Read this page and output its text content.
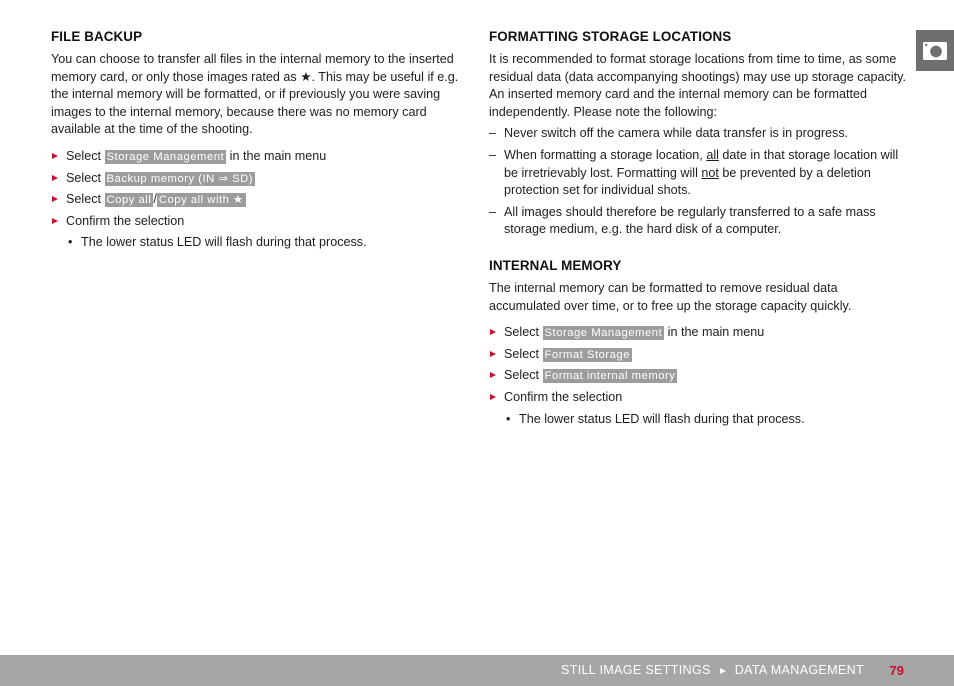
FILE BACKUP

You can choose to transfer all files in the internal memory to the inserted memory card, or only those images rated as ★. This may be useful if e.g. the internal memory will be formatted, or if previously you were saving images to the internal memory, because there was no memory card available at the time of the shooting.

Select Storage Management in the main menu
Select Backup memory (IN ⇒ SD)
Select Copy all / Copy all with ★
Confirm the selection
• The lower status LED will flash during that process.
FORMATTING STORAGE LOCATIONS

It is recommended to format storage locations from time to time, as some residual data (data accompanying shootings) may use up storage capacity. An inserted memory card and the internal memory can be formatted independently. Please note the following:

– Never switch off the camera while data transfer is in progress.
– When formatting a storage location, all date in that storage location will be irretrievably lost. Formatting will not be prevented by a deletion protection set for individual shots.
– All images should therefore be regularly transferred to a safe mass storage medium, e.g. the hard disk of a computer.
INTERNAL MEMORY

The internal memory can be formatted to remove residual data accumulated over time, or to free up the storage capacity quickly.

Select Storage Management in the main menu
Select Format Storage
Select Format internal memory
Confirm the selection
• The lower status LED will flash during that process.
STILL IMAGE SETTINGS DATA MANAGEMENT 79
